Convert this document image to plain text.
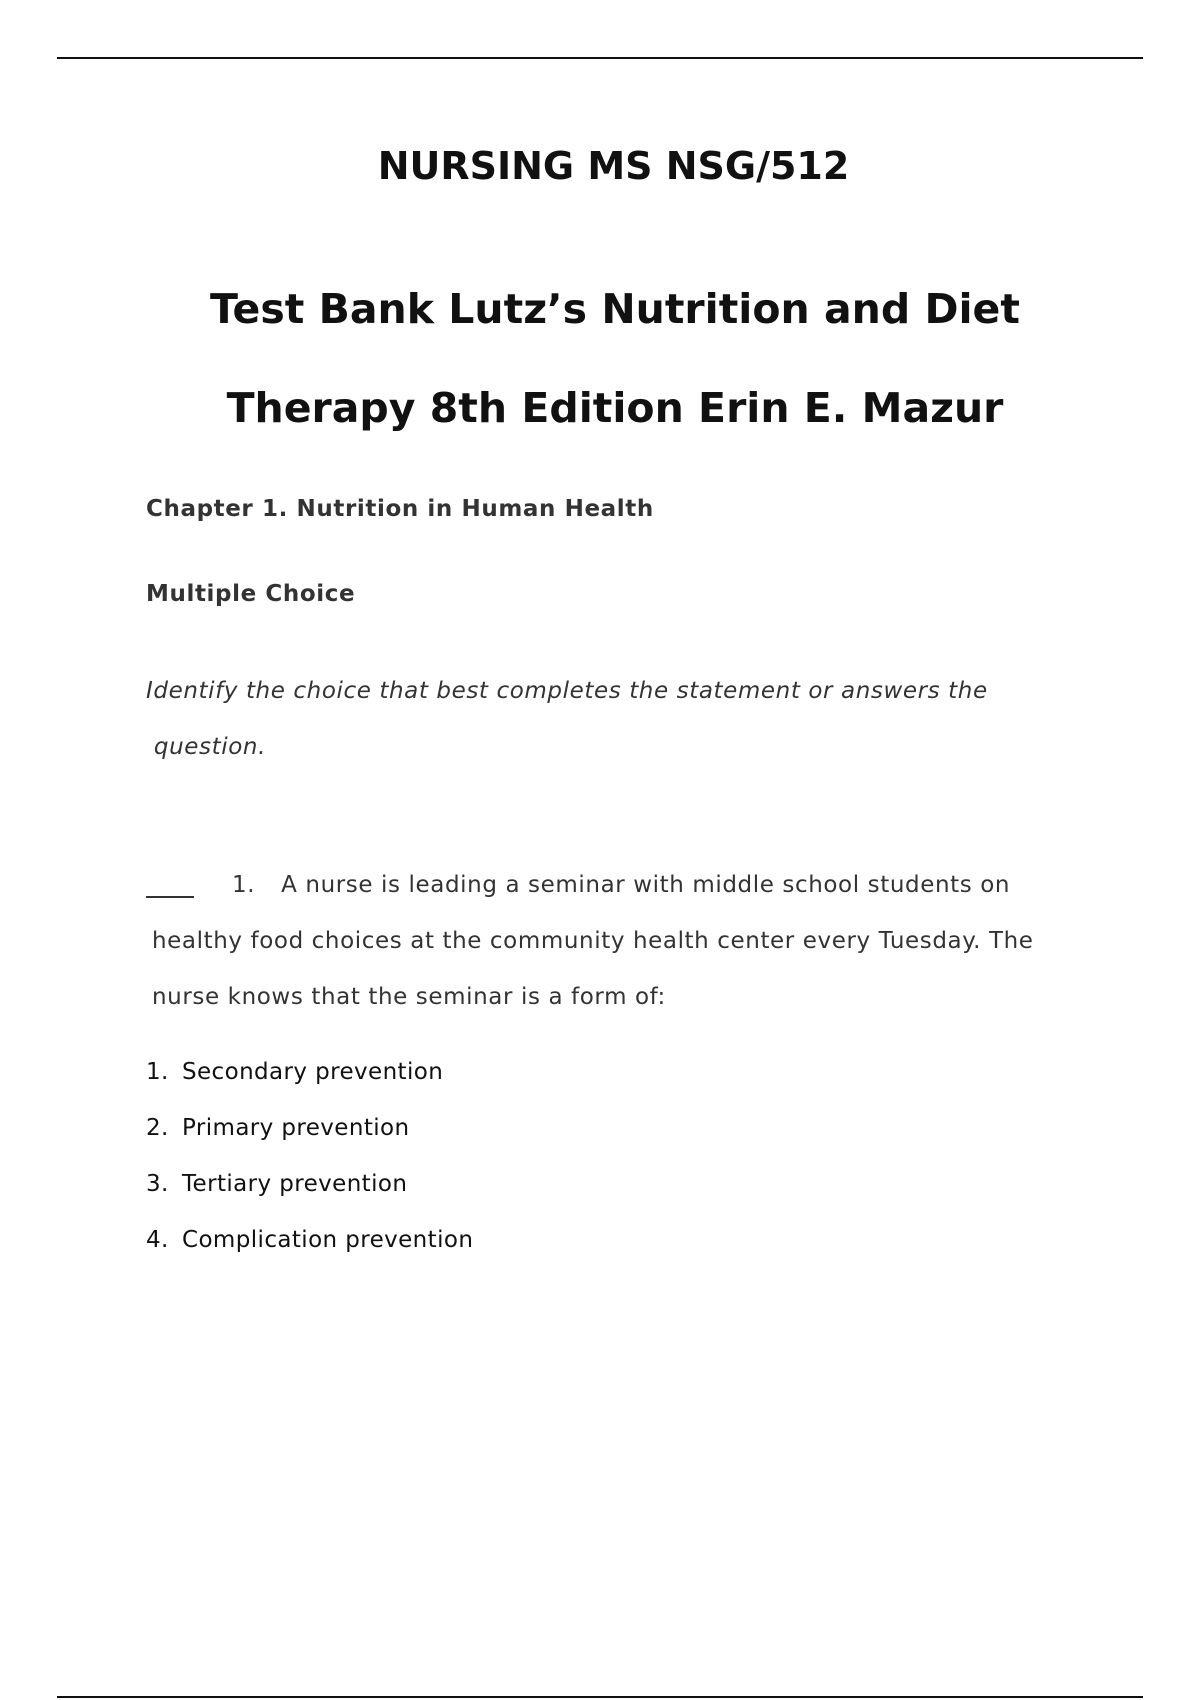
NURSING MS NSG/512
Test Bank Lutz’s Nutrition and Diet
Therapy 8th Edition Erin E. Mazur
Chapter 1. Nutrition in Human Health
Multiple Choice

Identify the choice that best completes the statement or answers the
question.

1. A nurse is leading a seminar with middle school students on
healthy food choices at the community health center every Tuesday. The
nurse knows that the seminar is a form of:
1. Secondary prevention
2. Primary prevention
3. Tertiary prevention
4. Complication prevention
